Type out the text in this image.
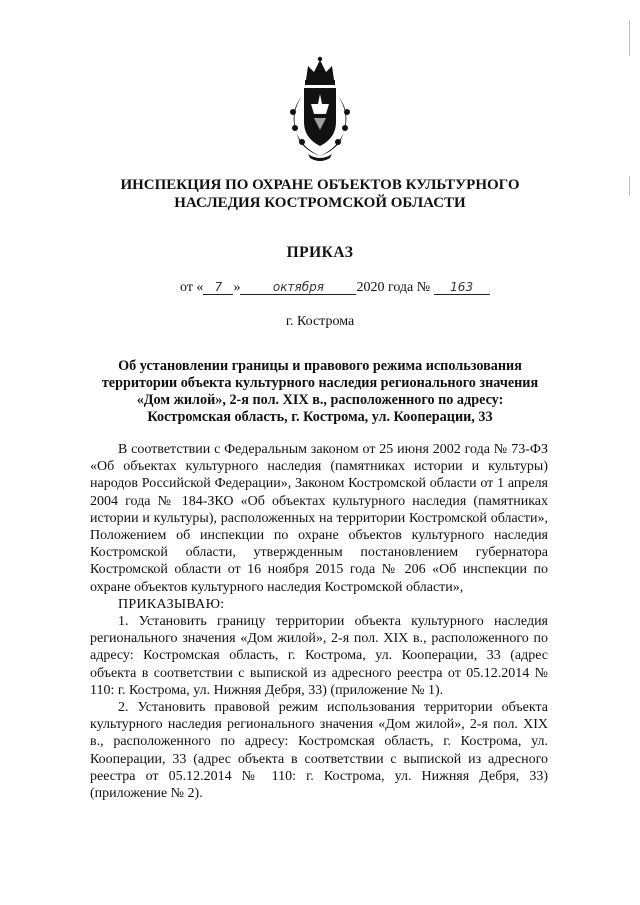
ИНСПЕКЦИЯ ПО ОХРАНЕ ОБЪЕКТОВ КУЛЬТУРНОГО
НАСЛЕДИЯ КОСТРОМСКОЙ ОБЛАСТИ
ПРИКАЗ
от « 7 »	октября 2020 года № 163
г. Кострома
Об установлении границы и правового режима использования
территории объекта культурного наследия регионального значения
«Дом жилой», 2-я пол. XIX в., расположенного по адресу:
Костромская область, г. Кострома, ул. Кооперации, 33

В соответствии с Федеральным законом от 25 июня 2002 года № 73-ФЗ «Об объектах культурного наследия (памятниках истории и культуры) народов Российской Федерации», Законом Костромской области от 1 апреля 2004 года № 184-ЗКО «Об объектах культурного наследия (памятниках истории и культуры), расположенных на территории Костромской области», Положением об инспекции по охране объектов культурного наследия Костромской области, утвержденным постановлением губернатора Костромской области от 16 ноября 2015 года № 206 «Об инспекции по охране объектов культурного наследия Костромской области»,

ПРИКАЗЫВАЮ:

1. Установить границу территории объекта культурного наследия регионального значения «Дом жилой», 2-я пол. XIX в., расположенного по адресу: Костромская область, г. Кострома, ул. Кооперации, 33 (адрес объекта в соответствии с выпиской из адресного реестра от 05.12.2014 № 110: г. Кострома, ул. Нижняя Дебря, 33) (приложение № 1).

2. Установить правовой режим использования территории объекта культурного наследия регионального значения «Дом жилой», 2-я пол. XIX в., расположенного по адресу: Костромская область, г. Кострома, ул. Кооперации, 33 (адрес объекта в соответствии с выпиской из адресного реестра от 05.12.2014 № 110: г. Кострома, ул. Нижняя Дебря, 33) (приложение № 2).
